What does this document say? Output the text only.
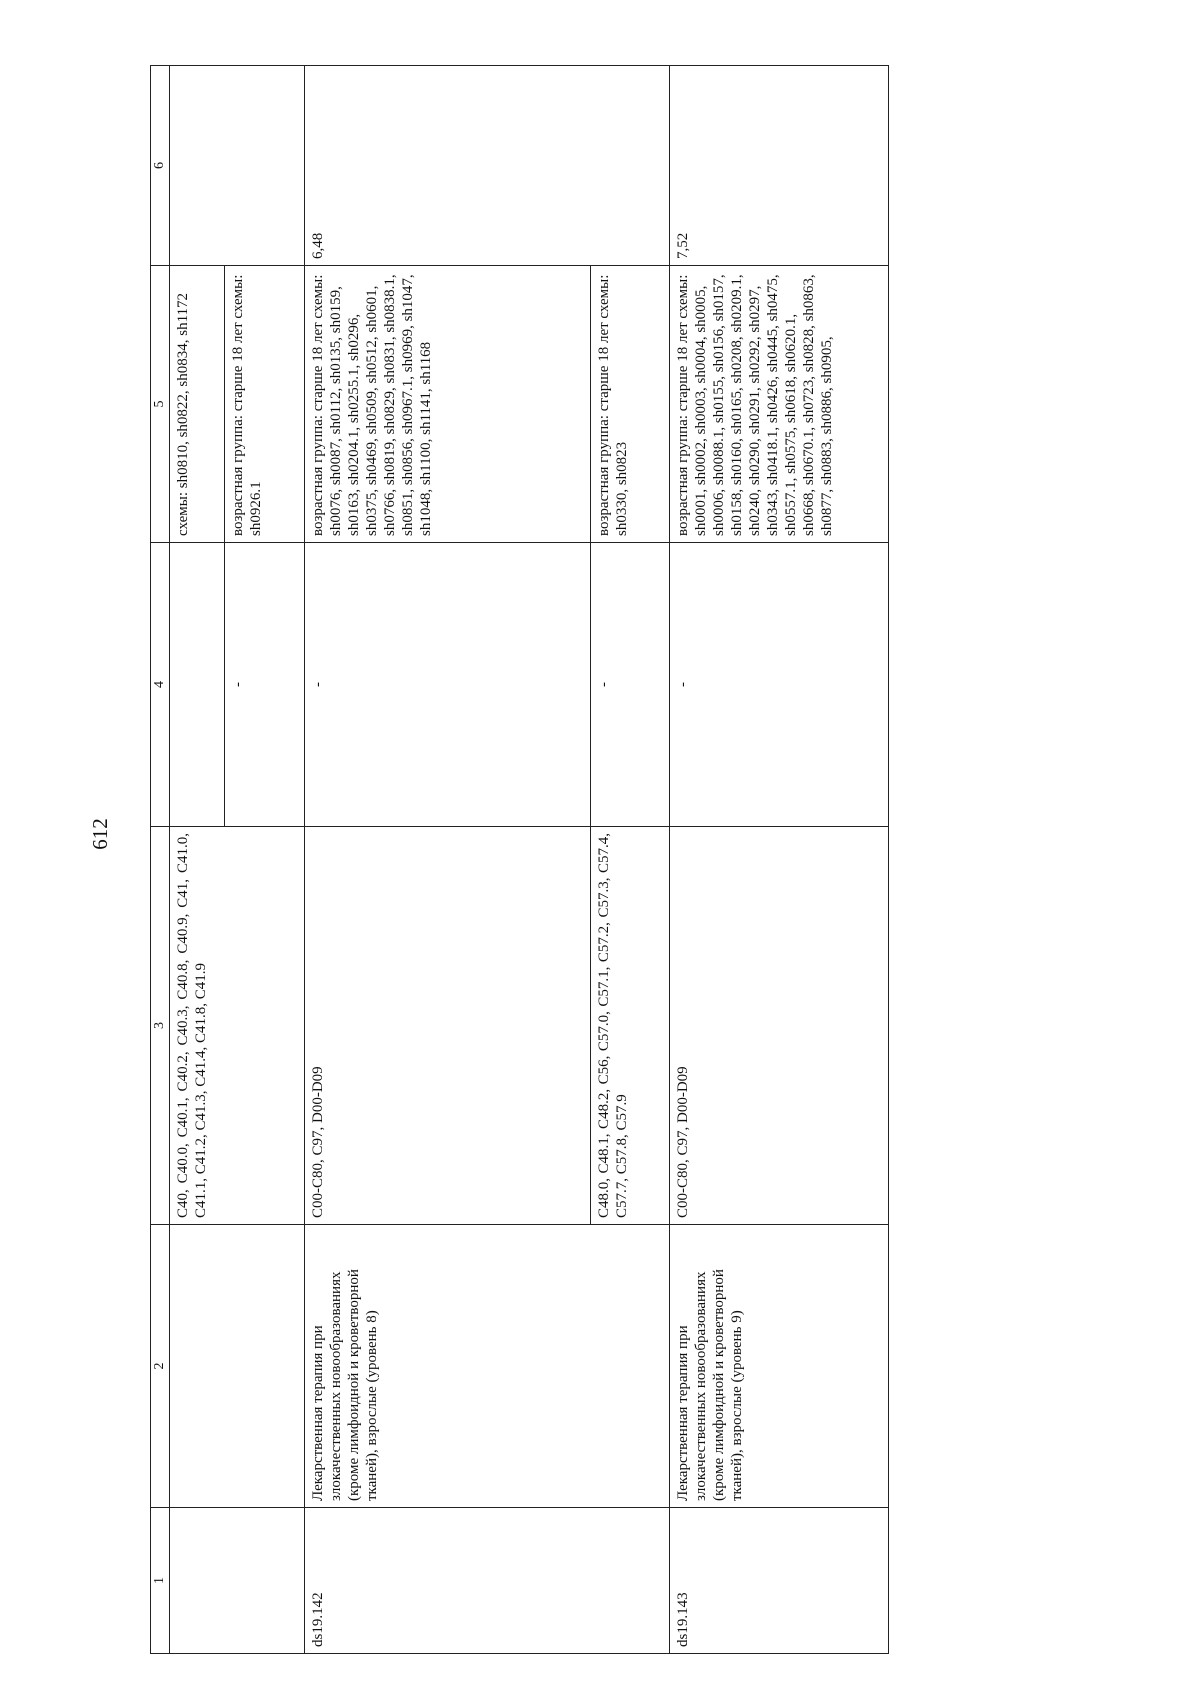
612
1	2	3	4	5	6
		C40, C40.0, C40.1, C40.2, C40.3, C40.8, C40.9, C41, C41.0, C41.1, C41.2, C41.3, C41.4, C41.8, C41.9		схемы: sh0810, sh0822, sh0834, sh1172	
			-	возрастная группа: старше 18 лет схемы: sh0926.1	
ds19.142	Лекарственная терапия при злокачественных новообразованиях (кроме лимфоидной и кроветворной тканей), взрослые (уровень 8)	C00-C80, C97, D00-D09	-	возрастная группа: старше 18 лет схемы: sh0076, sh0087, sh0112, sh0135, sh0159, sh0163, sh0204.1, sh0255.1, sh0296, sh0375, sh0469, sh0509, sh0512, sh0601, sh0766, sh0819, sh0829, sh0831, sh0838.1, sh0851, sh0856, sh0967.1, sh0969, sh1047, sh1048, sh1100, sh1141, sh1168	6,48
		C48.0, C48.1, C48.2, C56, C57.0, C57.1, C57.2, C57.3, C57.4, C57.7, C57.8, C57.9	-	возрастная группа: старше 18 лет схемы: sh0330, sh0823	
ds19.143	Лекарственная терапия при злокачественных новообразованиях (кроме лимфоидной и кроветворной тканей), взрослые (уровень 9)	C00-C80, C97, D00-D09	-	возрастная группа: старше 18 лет схемы: sh0001, sh0002, sh0003, sh0004, sh0005, sh0006, sh0088.1, sh0155, sh0156, sh0157, sh0158, sh0160, sh0165, sh0208, sh0209.1, sh0240, sh0290, sh0291, sh0292, sh0297, sh0343, sh0418.1, sh0426, sh0445, sh0475, sh0557.1, sh0575, sh0618, sh0620.1, sh0668, sh0670.1, sh0723, sh0828, sh0863, sh0877, sh0883, sh0886, sh0905,	7,52
